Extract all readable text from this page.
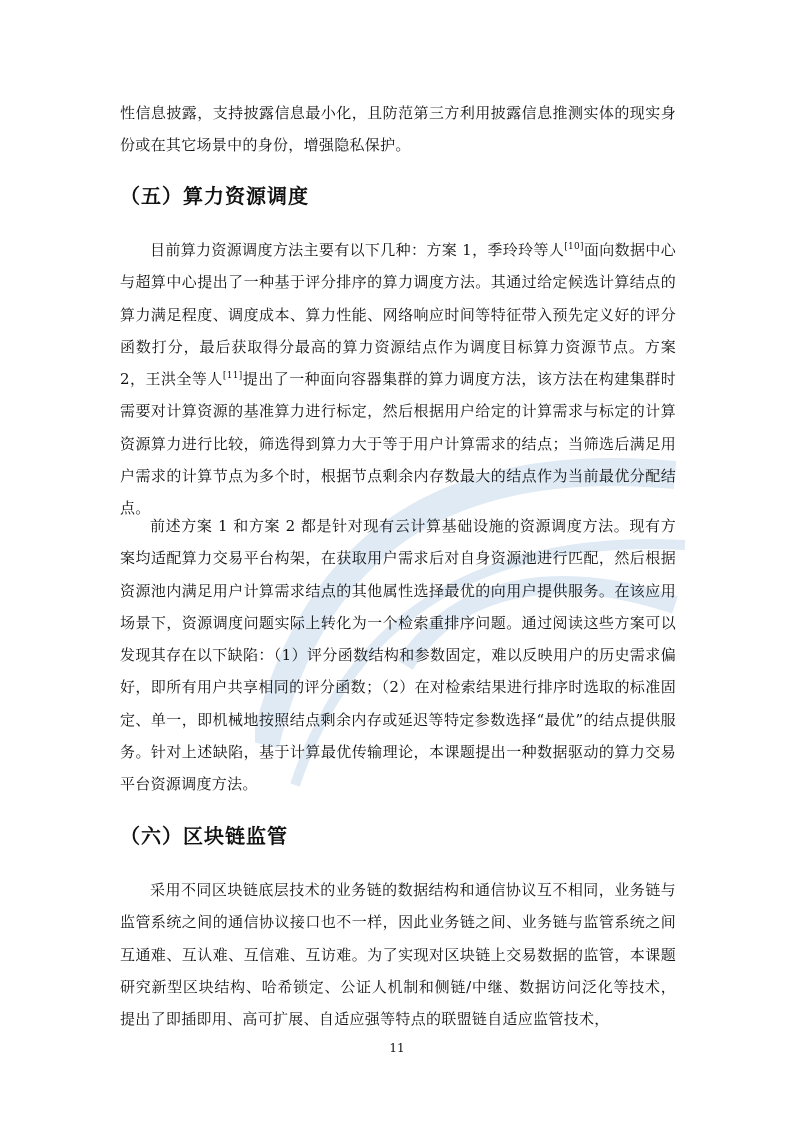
性信息披露，支持披露信息最小化，且防范第三方利用披露信息推测实体的现实身份或在其它场景中的身份，增强隐私保护。

（五）算力资源调度

目前算力资源调度方法主要有以下几种：方案 1，季玲玲等人[10]面向数据中心与超算中心提出了一种基于评分排序的算力调度方法。其通过给定候选计算结点的算力满足程度、调度成本、算力性能、网络响应时间等特征带入预先定义好的评分函数打分，最后获取得分最高的算力资源结点作为调度目标算力资源节点。方案 2，王洪全等人[11]提出了一种面向容器集群的算力调度方法，该方法在构建集群时需要对计算资源的基准算力进行标定，然后根据用户给定的计算需求与标定的计算资源算力进行比较，筛选得到算力大于等于用户计算需求的结点；当筛选后满足用户需求的计算节点为多个时，根据节点剩余内存数最大的结点作为当前最优分配结点。

前述方案 1 和方案 2 都是针对现有云计算基础设施的资源调度方法。现有方案均适配算力交易平台构架，在获取用户需求后对自身资源池进行匹配，然后根据资源池内满足用户计算需求结点的其他属性选择最优的向用户提供服务。在该应用场景下，资源调度问题实际上转化为一个检索重排序问题。通过阅读这些方案可以发现其存在以下缺陷：（1）评分函数结构和参数固定，难以反映用户的历史需求偏好，即所有用户共享相同的评分函数；（2）在对检索结果进行排序时选取的标准固定、单一，即机械地按照结点剩余内存或延迟等特定参数选择“最优”的结点提供服务。针对上述缺陷，基于计算最优传输理论，本课题提出一种数据驱动的算力交易平台资源调度方法。

（六）区块链监管

采用不同区块链底层技术的业务链的数据结构和通信协议互不相同，业务链与监管系统之间的通信协议接口也不一样，因此业务链之间、业务链与监管系统之间互通难、互认难、互信难、互访难。为了实现对区块链上交易数据的监管，本课题研究新型区块结构、哈希锁定、公证人机制和侧链/中继、数据访问泛化等技术，提出了即插即用、高可扩展、自适应强等特点的联盟链自适应监管技术，

11
